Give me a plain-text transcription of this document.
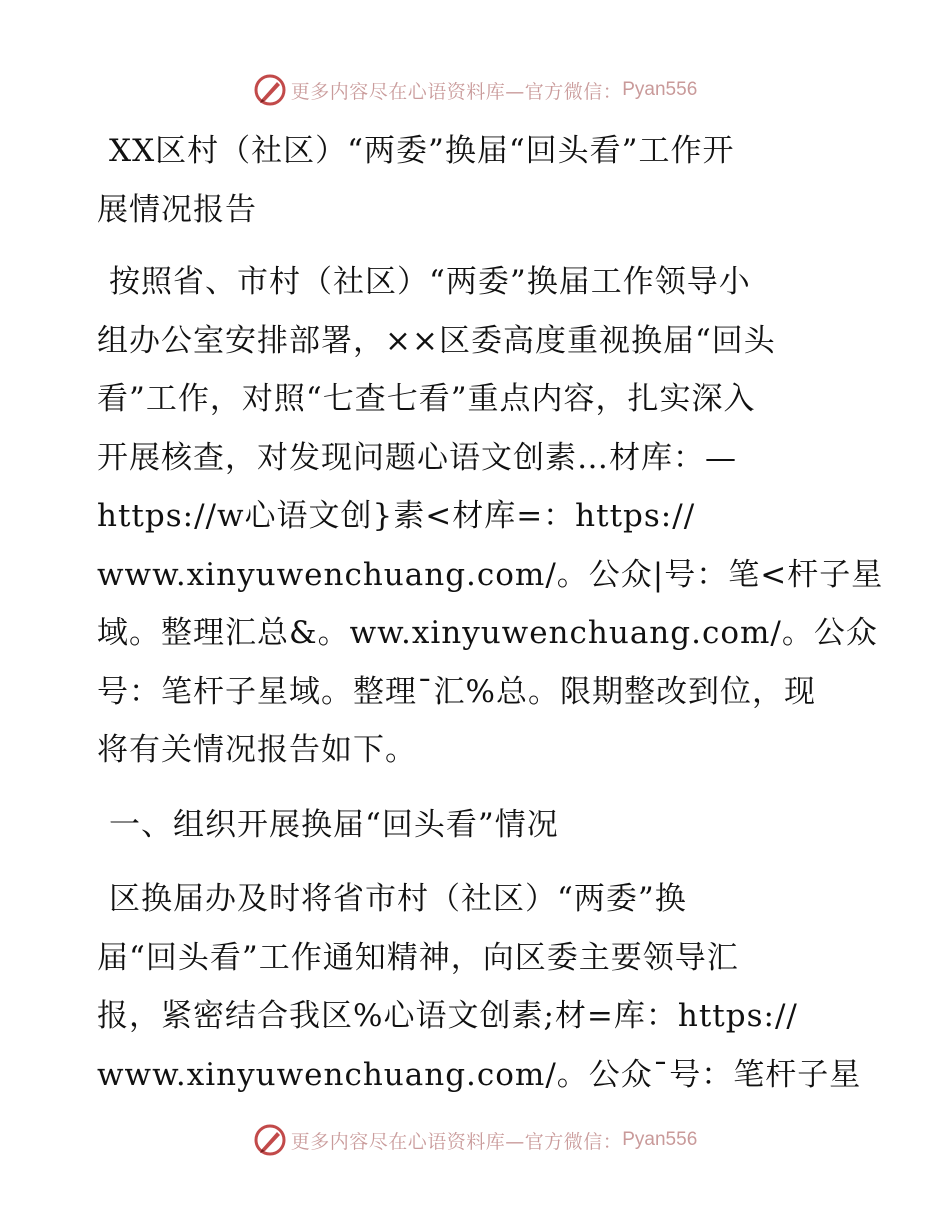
更多内容尽在心语资料库—官方微信： Pyan556
XX区村（社区）“两委”换届“回头看”工作开
展情况报告
按照省、市村（社区）“两委”换届工作领导小
组办公室安排部署，××区委高度重视换届“回头
看”工作，对照“七查七看”重点内容，扎实深入
开展核查，对发现问题心语文创素…材库：—
https://w心语文创}素<材库=：https://
www.xinyuwenchuang.com/。公众|号：笔<杆子星
域。整理汇总&。ww.xinyuwenchuang.com/。公众
号：笔杆子星域。整理¯汇%总。限期整改到位，现
将有关情况报告如下。
一、组织开展换届“回头看”情况
区换届办及时将省市村（社区）“两委”换
届“回头看”工作通知精神，向区委主要领导汇
报，紧密结合我区%心语文创素;材=库：https://
www.xinyuwenchuang.com/。公众¯号：笔杆子星
更多内容尽在心语资料库—官方微信： Pyan556
